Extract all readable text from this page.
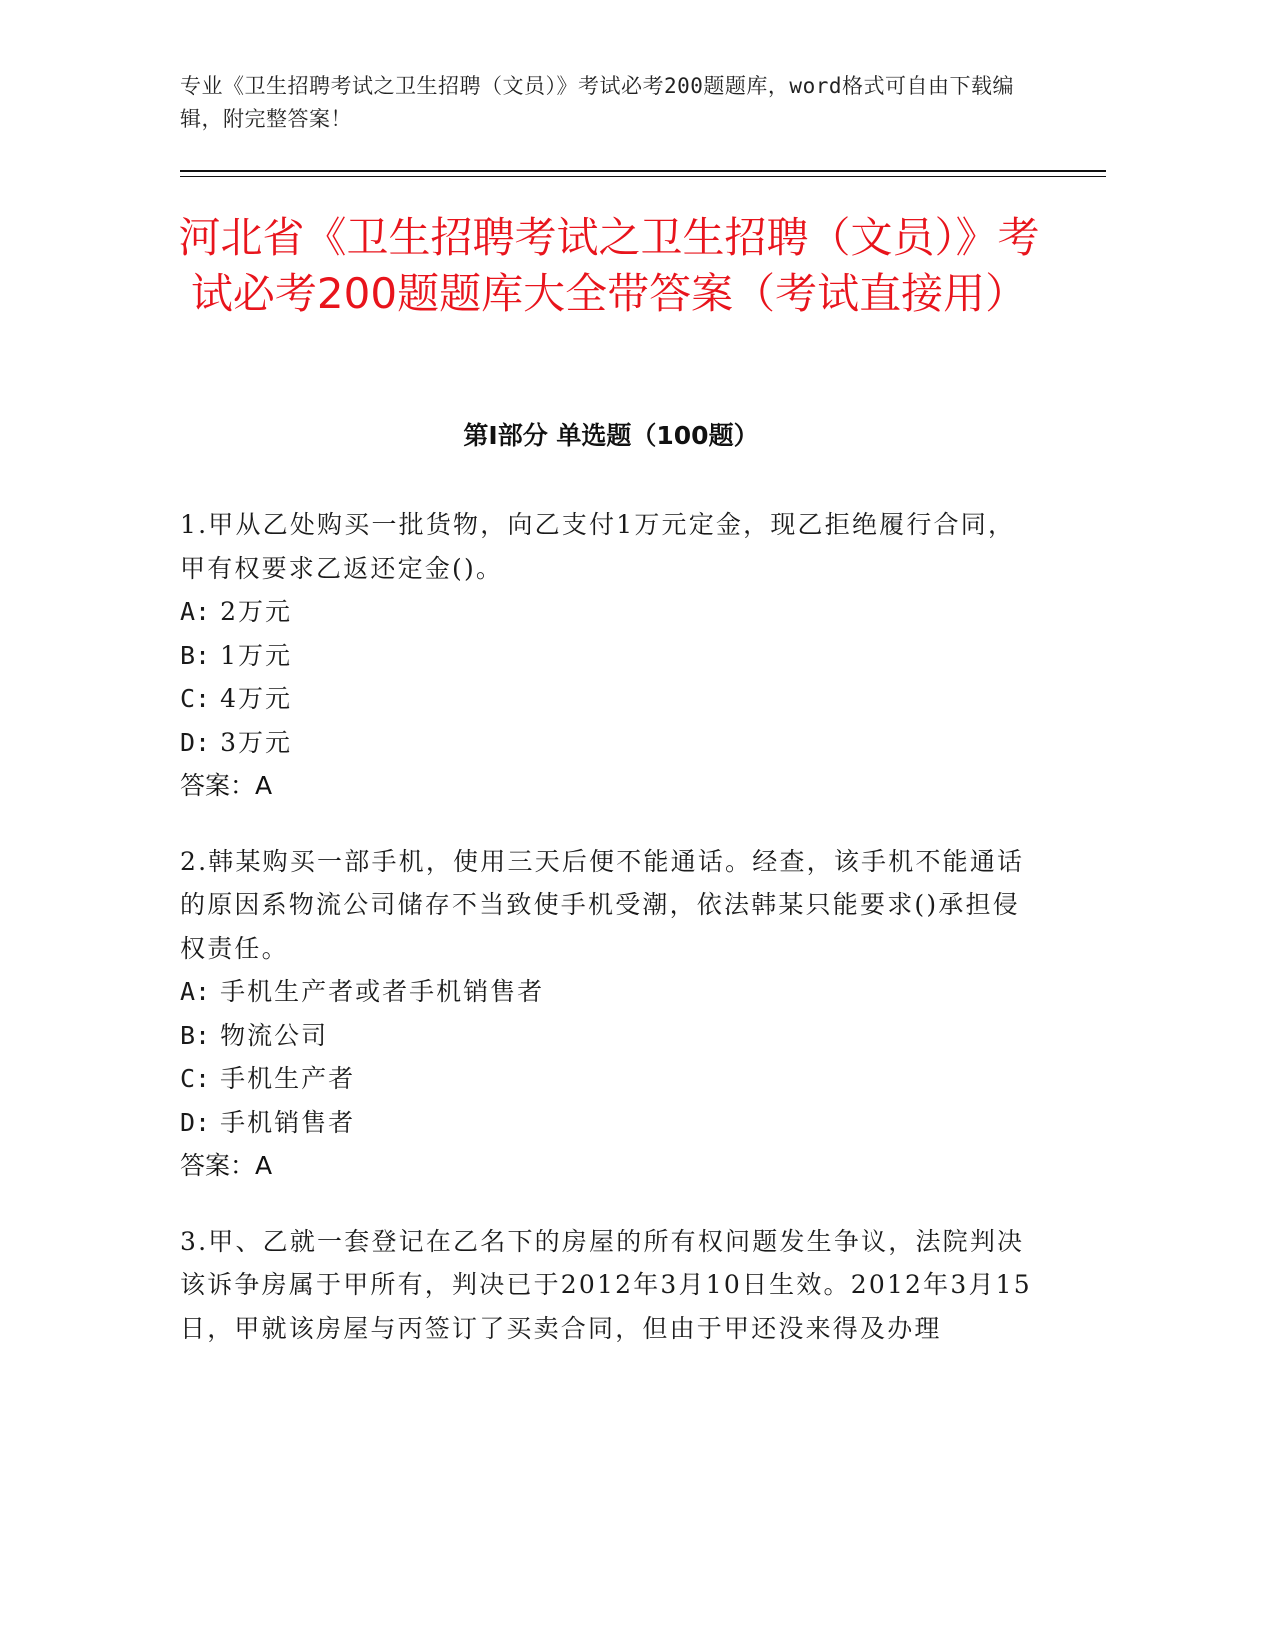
专业《卫生招聘考试之卫生招聘（文员）》考试必考200题题库，word格式可自由下载编辑，附完整答案！
河北省《卫生招聘考试之卫生招聘（文员）》考试必考200题题库大全带答案（考试直接用）
第Ⅰ部分 单选题（100题）
1.甲从乙处购买一批货物，向乙支付1万元定金，现乙拒绝履行合同，甲有权要求乙返还定金()。
A: 2万元
B: 1万元
C: 4万元
D: 3万元
答案：A
2.韩某购买一部手机，使用三天后便不能通话。经查，该手机不能通话的原因系物流公司储存不当致使手机受潮，依法韩某只能要求()承担侵权责任。
A: 手机生产者或者手机销售者
B: 物流公司
C: 手机生产者
D: 手机销售者
答案：A
3.甲、乙就一套登记在乙名下的房屋的所有权问题发生争议，法院判决该诉争房属于甲所有，判决已于2012年3月10日生效。2012年3月15日，甲就该房屋与丙签订了买卖合同，但由于甲还没来得及办理
